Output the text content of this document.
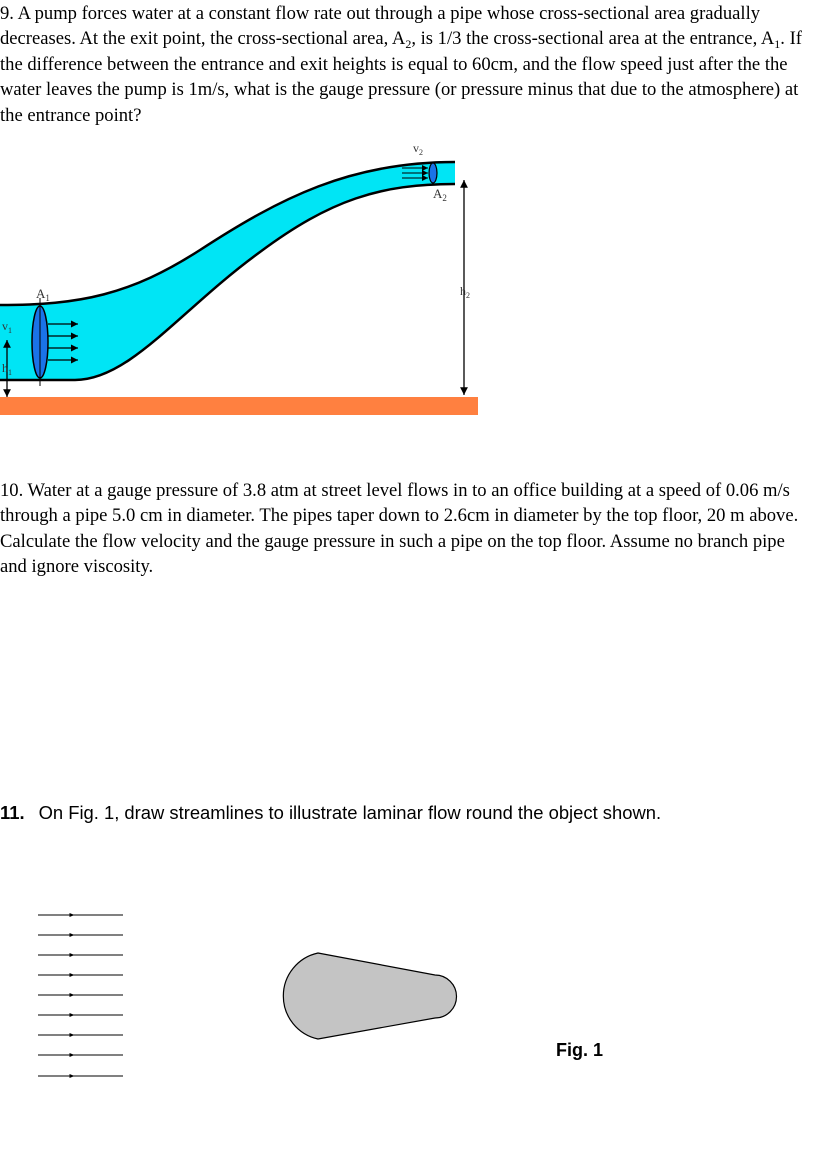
9. A pump forces water at a constant flow rate out through a pipe whose cross-sectional area gradually decreases. At the exit point, the cross-sectional area, $A_2$, is 1/3 the cross-sectional area at the entrance, $A_1$. If the difference between the entrance and exit heights is equal to 60cm, and the flow speed just after the the water leaves the pump is 1m/s, what is the gauge pressure (or pressure minus that due to the atmosphere) at the entrance point?

$A_1$
$A_2$
$v_1$
$v_2$
$h_1$
$h_2$

10. Water at a gauge pressure of 3.8 atm at street level flows in to an office building at a speed of 0.06 m/s through a pipe 5.0 cm in diameter. The pipes taper down to 2.6cm in diameter by the top floor, 20 m above. Calculate the flow velocity and the gauge pressure in such a pipe on the top floor. Assume no branch pipe and ignore viscosity.

11. On Fig. 1, draw streamlines to illustrate laminar flow round the object shown.
Fig. 1
